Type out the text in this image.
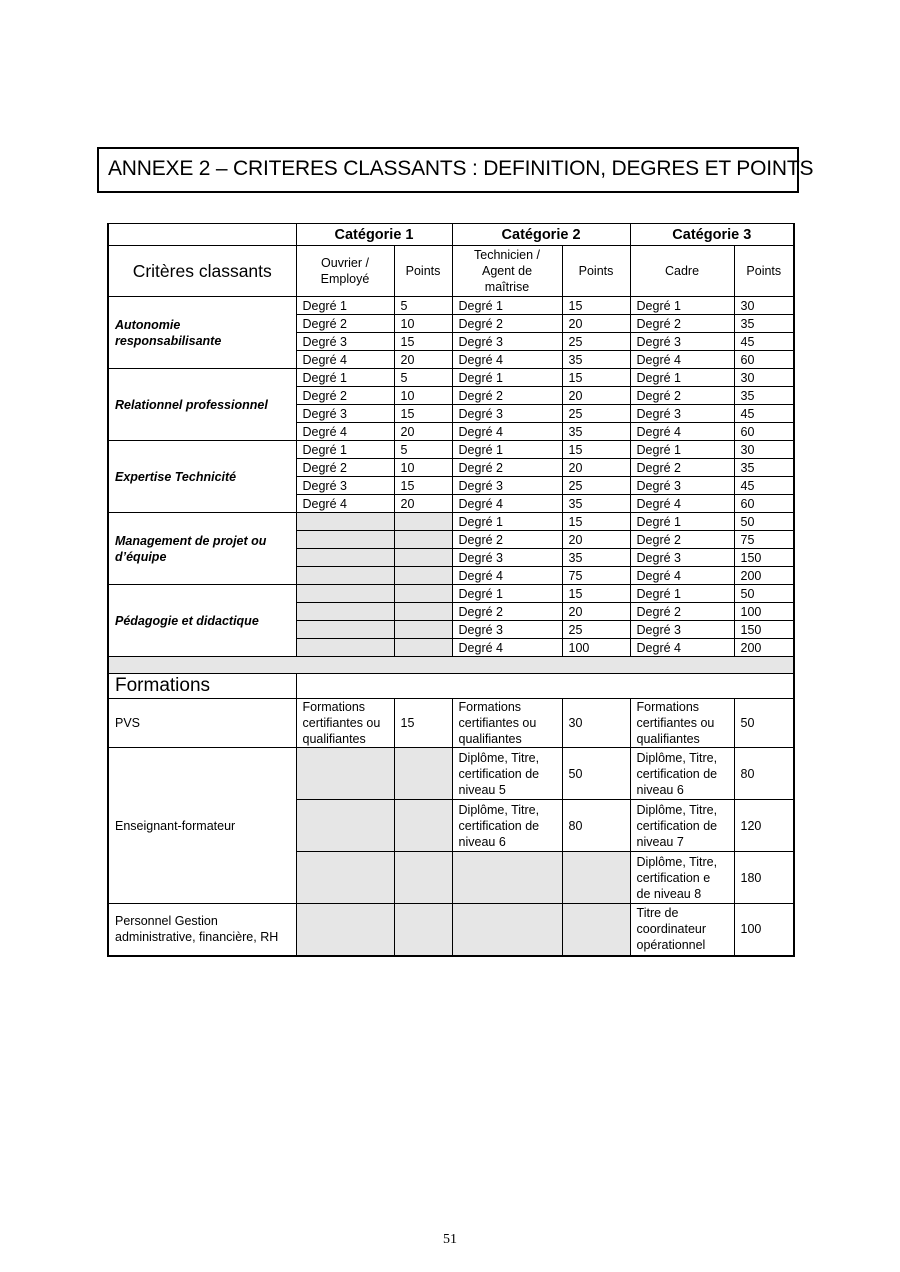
ANNEXE 2 – CRITERES CLASSANTS : DEFINITION, DEGRES ET POINTS
	Catégorie 1		Catégorie 2		Catégorie 3	
Critères classants	Ouvrier / Employé	Points	Technicien / Agent de maîtrise	Points	Cadre	Points
Autonomie responsabilisante	Degré 1	5	Degré 1	15	Degré 1	30
	Degré 2	10	Degré 2	20	Degré 2	35
	Degré 3	15	Degré 3	25	Degré 3	45
	Degré 4	20	Degré 4	35	Degré 4	60
Relationnel professionnel	Degré 1	5	Degré 1	15	Degré 1	30
	Degré 2	10	Degré 2	20	Degré 2	35
	Degré 3	15	Degré 3	25	Degré 3	45
	Degré 4	20	Degré 4	35	Degré 4	60
Expertise Technicité	Degré 1	5	Degré 1	15	Degré 1	30
	Degré 2	10	Degré 2	20	Degré 2	35
	Degré 3	15	Degré 3	25	Degré 3	45
	Degré 4	20	Degré 4	35	Degré 4	60
Management de projet ou d’équipe			Degré 1	15	Degré 1	50
			Degré 2	20	Degré 2	75
			Degré 3	35	Degré 3	150
			Degré 4	75	Degré 4	200
Pédagogie et didactique			Degré 1	15	Degré 1	50
			Degré 2	20	Degré 2	100
			Degré 3	25	Degré 3	150
			Degré 4	100	Degré 4	200

Formations						
PVS	Formations certifiantes ou qualifiantes	15	Formations certifiantes ou qualifiantes	30	Formations certifiantes ou qualifiantes	50
Enseignant-formateur			Diplôme, Titre, certification de niveau 5	50	Diplôme, Titre, certification de niveau 6	80
			Diplôme, Titre, certification de niveau 6	80	Diplôme, Titre, certification de niveau 7	120
					Diplôme, Titre, certification e de niveau 8	180
Personnel Gestion administrative, financière, RH					Titre de coordinateur opérationnel	100
51
